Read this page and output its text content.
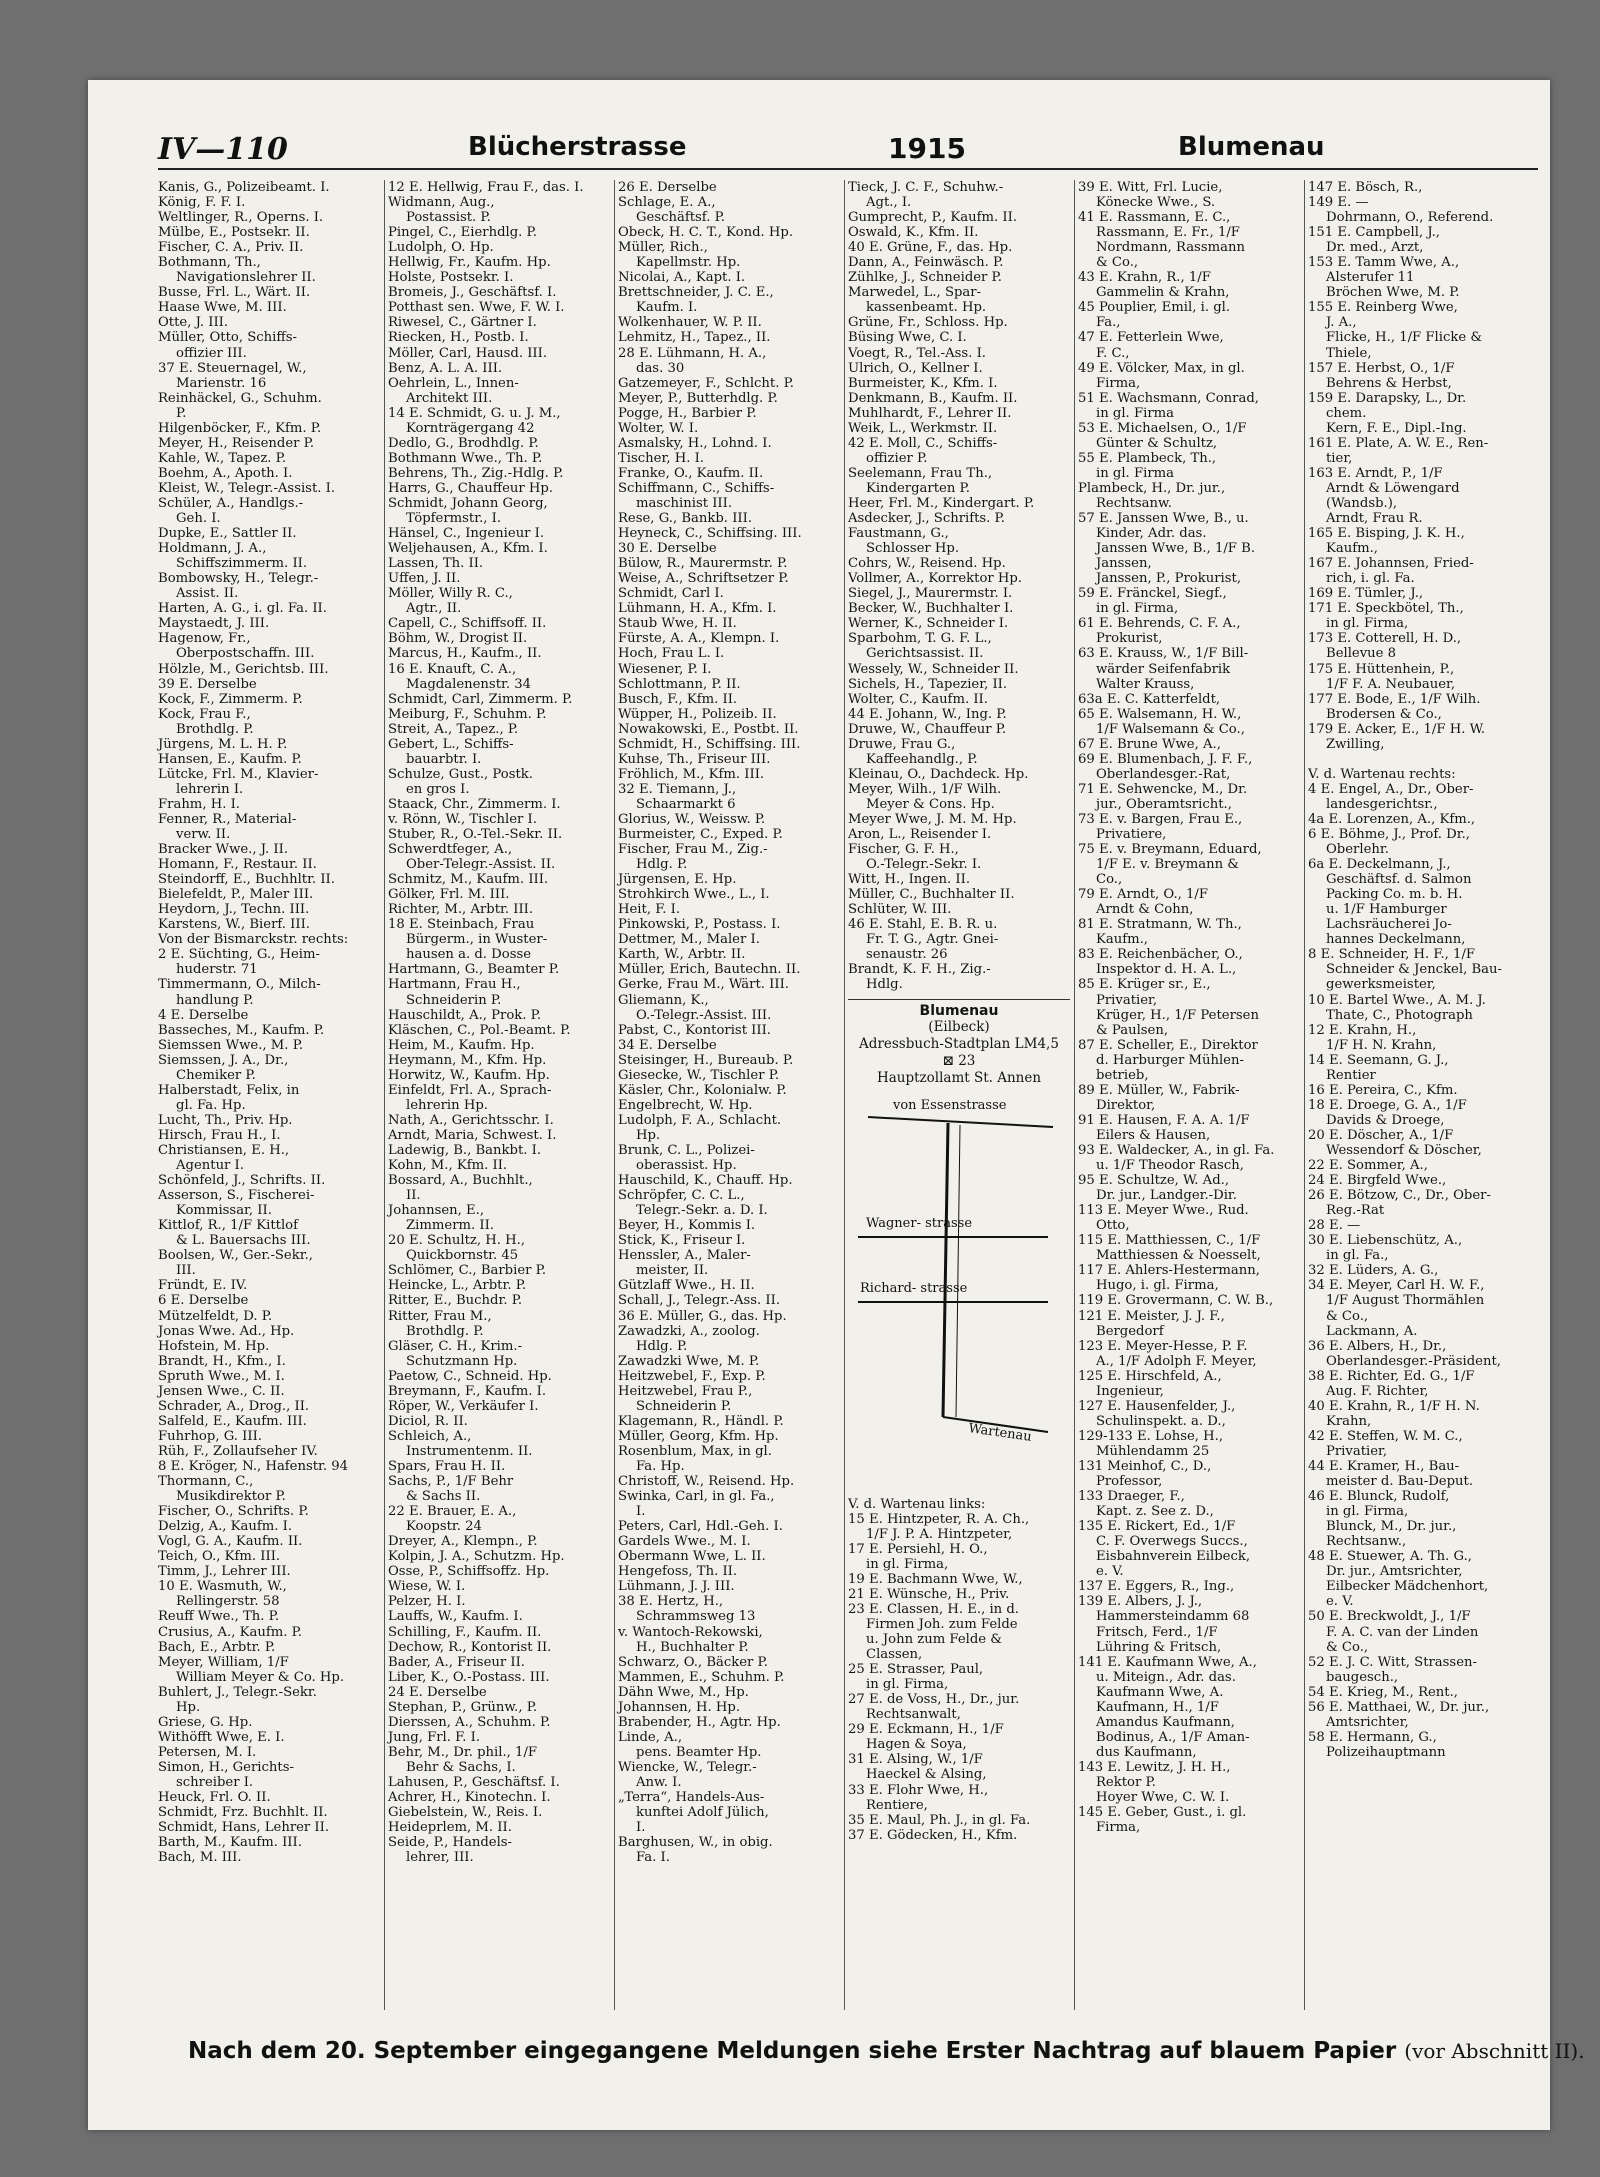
IV—110	Blücherstrasse	1915	Blumenau
Kanis, G., Polizeibeamt. I.
König, F. F. I.
Weltlinger, R., Operns. I.
Mülbe, E., Postsekr. II.
Fischer, C. A., Priv. II.
Bothmann, Th.,
Navigationslehrer II.
Busse, Frl. L., Wärt. II.
Haase Wwe, M. III.
Otte, J. III.
Müller, Otto, Schiffs-
offizier III.
37 E. Steuernagel, W.,
Marienstr. 16
Reinhäckel, G., Schuhm.
P.
Hilgenböcker, F., Kfm. P.
Meyer, H., Reisender P.
Kahle, W., Tapez. P.
Boehm, A., Apoth. I.
Kleist, W., Telegr.-Assist. I.
Schüler, A., Handlgs.-
Geh. I.
Dupke, E., Sattler II.
Holdmann, J. A.,
Schiffszimmerm. II.
Bombowsky, H., Telegr.-
Assist. II.
Harten, A. G., i. gl. Fa. II.
Maystaedt, J. III.
Hagenow, Fr.,
Oberpostschaffn. III.
Hölzle, M., Gerichtsb. III.
39 E. Derselbe
Kock, F., Zimmerm. P.
Kock, Frau F.,
Brothdlg. P.
Jürgens, M. L. H. P.
Hansen, E., Kaufm. P.
Lütcke, Frl. M., Klavier-
lehrerin I.
Frahm, H. I.
Fenner, R., Material-
verw. II.
Bracker Wwe., J. II.
Homann, F., Restaur. II.
Steindorff, E., Buchhltr. II.
Bielefeldt, P., Maler III.
Heydorn, J., Techn. III.
Karstens, W., Bierf. III.
Von der Bismarckstr. rechts:
2 E. Süchting, G., Heim-
huderstr. 71
Timmermann, O., Milch-
handlung P.
4 E. Derselbe
Basseches, M., Kaufm. P.
Siemssen Wwe., M. P.
Siemssen, J. A., Dr.,
Chemiker P.
Halberstadt, Felix, in
gl. Fa. Hp.
Lucht, Th., Priv. Hp.
Hirsch, Frau H., I.
Christiansen, E. H.,
Agentur I.
Schönfeld, J., Schrifts. II.
Asserson, S., Fischerei-
Kommissar, II.
Kittlof, R., 1/F Kittlof
& L. Bauersachs III.
Boolsen, W., Ger.-Sekr.,
III.
Fründt, E. IV.
6 E. Derselbe
Mützelfeldt, D. P.
Jonas Wwe. Ad., Hp.
Hofstein, M. Hp.
Brandt, H., Kfm., I.
Spruth Wwe., M. I.
Jensen Wwe., C. II.
Schrader, A., Drog., II.
Salfeld, E., Kaufm. III.
Fuhrhop, G. III.
Rüh, F., Zollaufseher IV.
8 E. Kröger, N., Hafenstr. 94
Thormann, C.,
Musikdirektor P.
Fischer, O., Schrifts. P.
Delzig, A., Kaufm. I.
Vogl, G. A., Kaufm. II.
Teich, O., Kfm. III.
Timm, J., Lehrer III.
10 E. Wasmuth, W.,
Rellingerstr. 58
Reuff Wwe., Th. P.
Crusius, A., Kaufm. P.
Bach, E., Arbtr. P.
Meyer, William, 1/F
William Meyer & Co. Hp.
Buhlert, J., Telegr.-Sekr.
Hp.
Griese, G. Hp.
Withöfft Wwe, E. I.
Petersen, M. I.
Simon, H., Gerichts-
schreiber I.
Heuck, Frl. O. II.
Schmidt, Frz. Buchhlt. II.
Schmidt, Hans, Lehrer II.
Barth, M., Kaufm. III.
Bach, M. III.
12 E. Hellwig, Frau F., das. I.
Widmann, Aug.,
Postassist. P.
Pingel, C., Eierhdlg. P.
Ludolph, O. Hp.
Hellwig, Fr., Kaufm. Hp.
Holste, Postsekr. I.
Bromeis, J., Geschäftsf. I.
Potthast sen. Wwe, F. W. I.
Riwesel, C., Gärtner I.
Riecken, H., Postb. I.
Möller, Carl, Hausd. III.
Benz, A. L. A. III.
Oehrlein, L., Innen-
Architekt III.
14 E. Schmidt, G. u. J. M.,
Kornträgergang 42
Dedlo, G., Brodhdlg. P.
Bothmann Wwe., Th. P.
Behrens, Th., Zig.-Hdlg. P.
Harrs, G., Chauffeur Hp.
Schmidt, Johann Georg,
Töpfermstr., I.
Hänsel, C., Ingenieur I.
Weljehausen, A., Kfm. I.
Lassen, Th. II.
Uffen, J. II.
Möller, Willy R. C.,
Agtr., II.
Capell, C., Schiffsoff. II.
Böhm, W., Drogist II.
Marcus, H., Kaufm., II.
16 E. Knauft, C. A.,
Magdalenenstr. 34
Schmidt, Carl, Zimmerm. P.
Meiburg, F., Schuhm. P.
Streit, A., Tapez., P.
Gebert, L., Schiffs-
bauarbtr. I.
Schulze, Gust., Postk.
en gros I.
Staack, Chr., Zimmerm. I.
v. Rönn, W., Tischler I.
Stuber, R., O.-Tel.-Sekr. II.
Schwerdtfeger, A.,
Ober-Telegr.-Assist. II.
Schmitz, M., Kaufm. III.
Gölker, Frl. M. III.
Richter, M., Arbtr. III.
18 E. Steinbach, Frau
Bürgerm., in Wuster-
hausen a. d. Dosse
Hartmann, G., Beamter P.
Hartmann, Frau H.,
Schneiderin P.
Hauschildt, A., Prok. P.
Kläschen, C., Pol.-Beamt. P.
Heim, M., Kaufm. Hp.
Heymann, M., Kfm. Hp.
Horwitz, W., Kaufm. Hp.
Einfeldt, Frl. A., Sprach-
lehrerin Hp.
Nath, A., Gerichtsschr. I.
Arndt, Maria, Schwest. I.
Ladewig, B., Bankbt. I.
Kohn, M., Kfm. II.
Bossard, A., Buchhlt.,
II.
Johannsen, E.,
Zimmerm. II.
20 E. Schultz, H. H.,
Quickbornstr. 45
Schlömer, C., Barbier P.
Heincke, L., Arbtr. P.
Ritter, E., Buchdr. P.
Ritter, Frau M.,
Brothdlg. P.
Gläser, C. H., Krim.-
Schutzmann Hp.
Paetow, C., Schneid. Hp.
Breymann, F., Kaufm. I.
Röper, W., Verkäufer I.
Diciol, R. II.
Schleich, A.,
Instrumentenm. II.
Spars, Frau H. II.
Sachs, P., 1/F Behr
& Sachs II.
22 E. Brauer, E. A.,
Koopstr. 24
Dreyer, A., Klempn., P.
Kolpin, J. A., Schutzm. Hp.
Osse, P., Schiffsoffz. Hp.
Wiese, W. I.
Pelzer, H. I.
Lauffs, W., Kaufm. I.
Schilling, F., Kaufm. II.
Dechow, R., Kontorist II.
Bader, A., Friseur II.
Liber, K., O.-Postass. III.
24 E. Derselbe
Stephan, P., Grünw., P.
Dierssen, A., Schuhm. P.
Jung, Frl. F. I.
Behr, M., Dr. phil., 1/F
Behr & Sachs, I.
Lahusen, P., Geschäftsf. I.
Achrer, H., Kinotechn. I.
Giebelstein, W., Reis. I.
Heideprlem, M. II.
Seide, P., Handels-
lehrer, III.
26 E. Derselbe
Schlage, E. A.,
Geschäftsf. P.
Obeck, H. C. T., Kond. Hp.
Müller, Rich.,
Kapellmstr. Hp.
Nicolai, A., Kapt. I.
Brettschneider, J. C. E.,
Kaufm. I.
Wolkenhauer, W. P. II.
Lehmitz, H., Tapez., II.
28 E. Lühmann, H. A.,
das. 30
Gatzemeyer, F., Schlcht. P.
Meyer, P., Butterhdlg. P.
Pogge, H., Barbier P.
Wolter, W. I.
Asmalsky, H., Lohnd. I.
Tischer, H. I.
Franke, O., Kaufm. II.
Schiffmann, C., Schiffs-
maschinist III.
Rese, G., Bankb. III.
Heyneck, C., Schiffsing. III.
30 E. Derselbe
Bülow, R., Maurermstr. P.
Weise, A., Schriftsetzer P.
Schmidt, Carl I.
Lühmann, H. A., Kfm. I.
Staub Wwe, H. II.
Fürste, A. A., Klempn. I.
Hoch, Frau L. I.
Wiesener, P. I.
Schlottmann, P. II.
Busch, F., Kfm. II.
Wüpper, H., Polizeib. II.
Nowakowski, E., Postbt. II.
Schmidt, H., Schiffsing. III.
Kuhse, Th., Friseur III.
Fröhlich, M., Kfm. III.
32 E. Tiemann, J.,
Schaarmarkt 6
Glorius, W., Weissw. P.
Burmeister, C., Exped. P.
Fischer, Frau M., Zig.-
Hdlg. P.
Jürgensen, E. Hp.
Strohkirch Wwe., L., I.
Heit, F. I.
Pinkowski, P., Postass. I.
Dettmer, M., Maler I.
Karth, W., Arbtr. II.
Müller, Erich, Bautechn. II.
Gerke, Frau M., Wärt. III.
Gliemann, K.,
O.-Telegr.-Assist. III.
Pabst, C., Kontorist III.
34 E. Derselbe
Steisinger, H., Bureaub. P.
Giesecke, W., Tischler P.
Käsler, Chr., Kolonialw. P.
Engelbrecht, W. Hp.
Ludolph, F. A., Schlacht.
Hp.
Brunk, C. L., Polizei-
oberassist. Hp.
Hauschild, K., Chauff. Hp.
Schröpfer, C. C. L.,
Telegr.-Sekr. a. D. I.
Beyer, H., Kommis I.
Stick, K., Friseur I.
Henssler, A., Maler-
meister, II.
Gützlaff Wwe., H. II.
Schall, J., Telegr.-Ass. II.
36 E. Müller, G., das. Hp.
Zawadzki, A., zoolog.
Hdlg. P.
Zawadzki Wwe, M. P.
Heitzwebel, F., Exp. P.
Heitzwebel, Frau P.,
Schneiderin P.
Klagemann, R., Händl. P.
Müller, Georg, Kfm. Hp.
Rosenblum, Max, in gl.
Fa. Hp.
Christoff, W., Reisend. Hp.
Swinka, Carl, in gl. Fa.,
I.
Peters, Carl, Hdl.-Geh. I.
Gardels Wwe., M. I.
Obermann Wwe, L. II.
Hengefoss, Th. II.
Lühmann, J. J. III.
38 E. Hertz, H.,
Schrammsweg 13
v. Wantoch-Rekowski,
H., Buchhalter P.
Schwarz, O., Bäcker P.
Mammen, E., Schuhm. P.
Dähn Wwe, M., Hp.
Johannsen, H. Hp.
Brabender, H., Agtr. Hp.
Linde, A.,
pens. Beamter Hp.
Wiencke, W., Telegr.-
Anw. I.
„Terra“, Handels-Aus-
kunftei Adolf Jülich,
I.
Barghusen, W., in obig.
Fa. I.
Tieck, J. C. F., Schuhw.-
Agt., I.
Gumprecht, P., Kaufm. II.
Oswald, K., Kfm. II.
40 E. Grüne, F., das. Hp.
Dann, A., Feinwäsch. P.
Zühlke, J., Schneider P.
Marwedel, L., Spar-
kassenbeamt. Hp.
Grüne, Fr., Schloss. Hp.
Büsing Wwe, C. I.
Voegt, R., Tel.-Ass. I.
Ulrich, O., Kellner I.
Burmeister, K., Kfm. I.
Denkmann, B., Kaufm. II.
Muhlhardt, F., Lehrer II.
Weik, L., Werkmstr. II.
42 E. Moll, C., Schiffs-
offizier P.
Seelemann, Frau Th.,
Kindergarten P.
Heer, Frl. M., Kindergart. P.
Asdecker, J., Schrifts. P.
Faustmann, G.,
Schlosser Hp.
Cohrs, W., Reisend. Hp.
Vollmer, A., Korrektor Hp.
Siegel, J., Maurermstr. I.
Becker, W., Buchhalter I.
Werner, K., Schneider I.
Sparbohm, T. G. F. L.,
Gerichtsassist. II.
Wessely, W., Schneider II.
Sichels, H., Tapezier, II.
Wolter, C., Kaufm. II.
44 E. Johann, W., Ing. P.
Druwe, W., Chauffeur P.
Druwe, Frau G.,
Kaffeehandlg., P.
Kleinau, O., Dachdeck. Hp.
Meyer, Wilh., 1/F Wilh.
Meyer & Cons. Hp.
Meyer Wwe, J. M. M. Hp.
Aron, L., Reisender I.
Fischer, G. F. H.,
O.-Telegr.-Sekr. I.
Witt, H., Ingen. II.
Müller, C., Buchhalter II.
Schlüter, W. III.
46 E. Stahl, E. B. R. u.
Fr. T. G., Agtr. Gnei-
senaustr. 26
Brandt, K. F. H., Zig.-
Hdlg.
Blumenau
(Eilbeck)
Adressbuch-Stadtplan LM4,5
⊠ 23
Hauptzollamt St. Annen
von Essenstrasse
Wagner- strasse
Richard- strasse
Wartenau
V. d. Wartenau links:
15 E. Hintzpeter, R. A. Ch.,
1/F J. P. A. Hintzpeter,
17 E. Persiehl, H. O.,
in gl. Firma,
19 E. Bachmann Wwe, W.,
21 E. Wünsche, H., Priv.
23 E. Classen, H. E., in d.
Firmen Joh. zum Felde
u. John zum Felde &
Classen,
25 E. Strasser, Paul,
in gl. Firma,
27 E. de Voss, H., Dr., jur.
Rechtsanwalt,
29 E. Eckmann, H., 1/F
Hagen & Soya,
31 E. Alsing, W., 1/F
Haeckel & Alsing,
33 E. Flohr Wwe, H.,
Rentiere,
35 E. Maul, Ph. J., in gl. Fa.
37 E. Gödecken, H., Kfm.
39 E. Witt, Frl. Lucie,
Könecke Wwe., S.
41 E. Rassmann, E. C.,
Rassmann, E. Fr., 1/F
Nordmann, Rassmann
& Co.,
43 E. Krahn, R., 1/F
Gammelin & Krahn,
45 Pouplier, Emil, i. gl.
Fa.,
47 E. Fetterlein Wwe,
F. C.,
49 E. Völcker, Max, in gl.
Firma,
51 E. Wachsmann, Conrad,
in gl. Firma
53 E. Michaelsen, O., 1/F
Günter & Schultz,
55 E. Plambeck, Th.,
in gl. Firma
Plambeck, H., Dr. jur.,
Rechtsanw.
57 E. Janssen Wwe, B., u.
Kinder, Adr. das.
Janssen Wwe, B., 1/F B.
Janssen,
Janssen, P., Prokurist,
59 E. Fränckel, Siegf.,
in gl. Firma,
61 E. Behrends, C. F. A.,
Prokurist,
63 E. Krauss, W., 1/F Bill-
wärder Seifenfabrik
Walter Krauss,
63a E. C. Katterfeldt,
65 E. Walsemann, H. W.,
1/F Walsemann & Co.,
67 E. Brune Wwe, A.,
69 E. Blumenbach, J. F. F.,
Oberlandesger.-Rat,
71 E. Sehwencke, M., Dr.
jur., Oberamtsricht.,
73 E. v. Bargen, Frau E.,
Privatiere,
75 E. v. Breymann, Eduard,
1/F E. v. Breymann &
Co.,
79 E. Arndt, O., 1/F
Arndt & Cohn,
81 E. Stratmann, W. Th.,
Kaufm.,
83 E. Reichenbächer, O.,
Inspektor d. H. A. L.,
85 E. Krüger sr., E.,
Privatier,
Krüger, H., 1/F Petersen
& Paulsen,
87 E. Scheller, E., Direktor
d. Harburger Mühlen-
betrieb,
89 E. Müller, W., Fabrik-
Direktor,
91 E. Hausen, F. A. A. 1/F
Eilers & Hausen,
93 E. Waldecker, A., in gl. Fa.
u. 1/F Theodor Rasch,
95 E. Schultze, W. Ad.,
Dr. jur., Landger.-Dir.
113 E. Meyer Wwe., Rud.
Otto,
115 E. Matthiessen, C., 1/F
Matthiessen & Noesselt,
117 E. Ahlers-Hestermann,
Hugo, i. gl. Firma,
119 E. Grovermann, C. W. B.,
121 E. Meister, J. J. F.,
Bergedorf
123 E. Meyer-Hesse, P. F.
A., 1/F Adolph F. Meyer,
125 E. Hirschfeld, A.,
Ingenieur,
127 E. Hausenfelder, J.,
Schulinspekt. a. D.,
129-133 E. Lohse, H.,
Mühlendamm 25
131 Meinhof, C., D.,
Professor,
133 Draeger, F.,
Kapt. z. See z. D.,
135 E. Rickert, Ed., 1/F
C. F. Overwegs Succs.,
Eisbahnverein Eilbeck,
e. V.
137 E. Eggers, R., Ing.,
139 E. Albers, J. J.,
Hammersteindamm 68
Fritsch, Ferd., 1/F
Lühring & Fritsch,
141 E. Kaufmann Wwe, A.,
u. Miteign., Adr. das.
Kaufmann Wwe, A.
Kaufmann, H., 1/F
Amandus Kaufmann,
Bodinus, A., 1/F Aman-
dus Kaufmann,
143 E. Lewitz, J. H. H.,
Rektor P.
Hoyer Wwe, C. W. I.
145 E. Geber, Gust., i. gl.
Firma,
147 E. Bösch, R.,
149 E. —
Dohrmann, O., Referend.
151 E. Campbell, J.,
Dr. med., Arzt,
153 E. Tamm Wwe, A.,
Alsterufer 11
Bröchen Wwe, M. P.
155 E. Reinberg Wwe,
J. A.,
Flicke, H., 1/F Flicke &
Thiele,
157 E. Herbst, O., 1/F
Behrens & Herbst,
159 E. Darapsky, L., Dr.
chem.
Kern, F. E., Dipl.-Ing.
161 E. Plate, A. W. E., Ren-
tier,
163 E. Arndt, P., 1/F
Arndt & Löwengard
(Wandsb.),
Arndt, Frau R.
165 E. Bisping, J. K. H.,
Kaufm.,
167 E. Johannsen, Fried-
rich, i. gl. Fa.
169 E. Tümler, J.,
171 E. Speckbötel, Th.,
in gl. Firma,
173 E. Cotterell, H. D.,
Bellevue 8
175 E. Hüttenhein, P.,
1/F F. A. Neubauer,
177 E. Bode, E., 1/F Wilh.
Brodersen & Co.,
179 E. Acker, E., 1/F H. W.
Zwilling,

V. d. Wartenau rechts:
4 E. Engel, A., Dr., Ober-
landesgerichtsr.,
4a E. Lorenzen, A., Kfm.,
6 E. Böhme, J., Prof. Dr.,
Oberlehr.
6a E. Deckelmann, J.,
Geschäftsf. d. Salmon
Packing Co. m. b. H.
u. 1/F Hamburger
Lachsräucherei Jo-
hannes Deckelmann,
8 E. Schneider, H. F., 1/F
Schneider & Jenckel, Bau-
gewerksmeister,
10 E. Bartel Wwe., A. M. J.
Thate, C., Photograph
12 E. Krahn, H.,
1/F H. N. Krahn,
14 E. Seemann, G. J.,
Rentier
16 E. Pereira, C., Kfm.
18 E. Droege, G. A., 1/F
Davids & Droege,
20 E. Döscher, A., 1/F
Wessendorf & Döscher,
22 E. Sommer, A.,
24 E. Birgfeld Wwe.,
26 E. Bötzow, C., Dr., Ober-
Reg.-Rat
28 E. —
30 E. Liebenschütz, A.,
in gl. Fa.,
32 E. Lüders, A. G.,
34 E. Meyer, Carl H. W. F.,
1/F August Thormählen
& Co.,
Lackmann, A.
36 E. Albers, H., Dr.,
Oberlandesger.-Präsident,
38 E. Richter, Ed. G., 1/F
Aug. F. Richter,
40 E. Krahn, R., 1/F H. N.
Krahn,
42 E. Steffen, W. M. C.,
Privatier,
44 E. Kramer, H., Bau-
meister d. Bau-Deput.
46 E. Blunck, Rudolf,
in gl. Firma,
Blunck, M., Dr. jur.,
Rechtsanw.,
48 E. Stuewer, A. Th. G.,
Dr. jur., Amtsrichter,
Eilbecker Mädchenhort,
e. V.
50 E. Breckwoldt, J., 1/F
F. A. C. van der Linden
& Co.,
52 E. J. C. Witt, Strassen-
baugesch.,
54 E. Krieg, M., Rent.,
56 E. Matthaei, W., Dr. jur.,
Amtsrichter,
58 E. Hermann, G.,
Polizeihauptmann
Nach dem 20. September eingegangene Meldungen siehe Erster Nachtrag auf blauem Papier (vor Abschnitt II).
